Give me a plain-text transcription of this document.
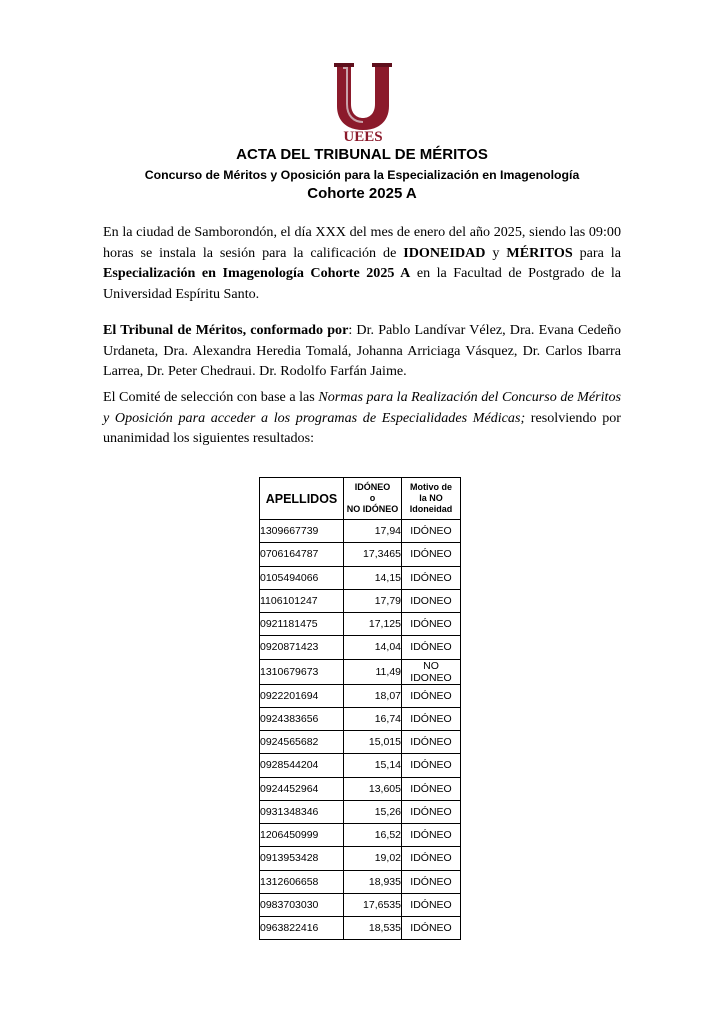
UEES
ACTA DEL TRIBUNAL DE MÉRITOS
Concurso de Méritos y Oposición para la Especialización en Imagenología
Cohorte 2025 A
En la ciudad de Samborondón, el día XXX del mes de enero del año 2025, siendo las 09:00 horas se instala la sesión para la calificación de IDONEIDAD y MÉRITOS para la Especialización en Imagenología Cohorte 2025 A en la Facultad de Postgrado de la Universidad Espíritu Santo.
El Tribunal de Méritos, conformado por: Dr. Pablo Landívar Vélez, Dra. Evana Cedeño Urdaneta, Dra. Alexandra Heredia Tomalá, Johanna Arriciaga Vásquez, Dr. Carlos Ibarra Larrea, Dr. Peter Chedraui. Dr. Rodolfo Farfán Jaime.
El Comité de selección con base a las Normas para la Realización del Concurso de Méritos y Oposición para acceder a los programas de Especialidades Médicas; resolviendo por unanimidad los siguientes resultados:
APELLIDOS	IDÓNEO
o
NO IDÓNEO	Motivo de
la NO
Idoneidad

1309667739	17,94	IDÓNEO
0706164787	17,3465	IDÓNEO
0105494066	14,15	IDÓNEO
1106101247	17,79	IDONEO
0921181475	17,125	IDÓNEO
0920871423	14,04	IDÓNEO
1310679673	11,49	NO
IDONEO

0922201694	18,07	IDÓNEO
0924383656	16,74	IDÓNEO
0924565682	15,015	IDÓNEO
0928544204	15,14	IDÓNEO
0924452964	13,605	IDÓNEO
0931348346	15,26	IDÓNEO
1206450999	16,52	IDÓNEO
0913953428	19,02	IDÓNEO
1312606658	18,935	IDÓNEO
0983703030	17,6535	IDÓNEO
0963822416	18,535	IDÓNEO
